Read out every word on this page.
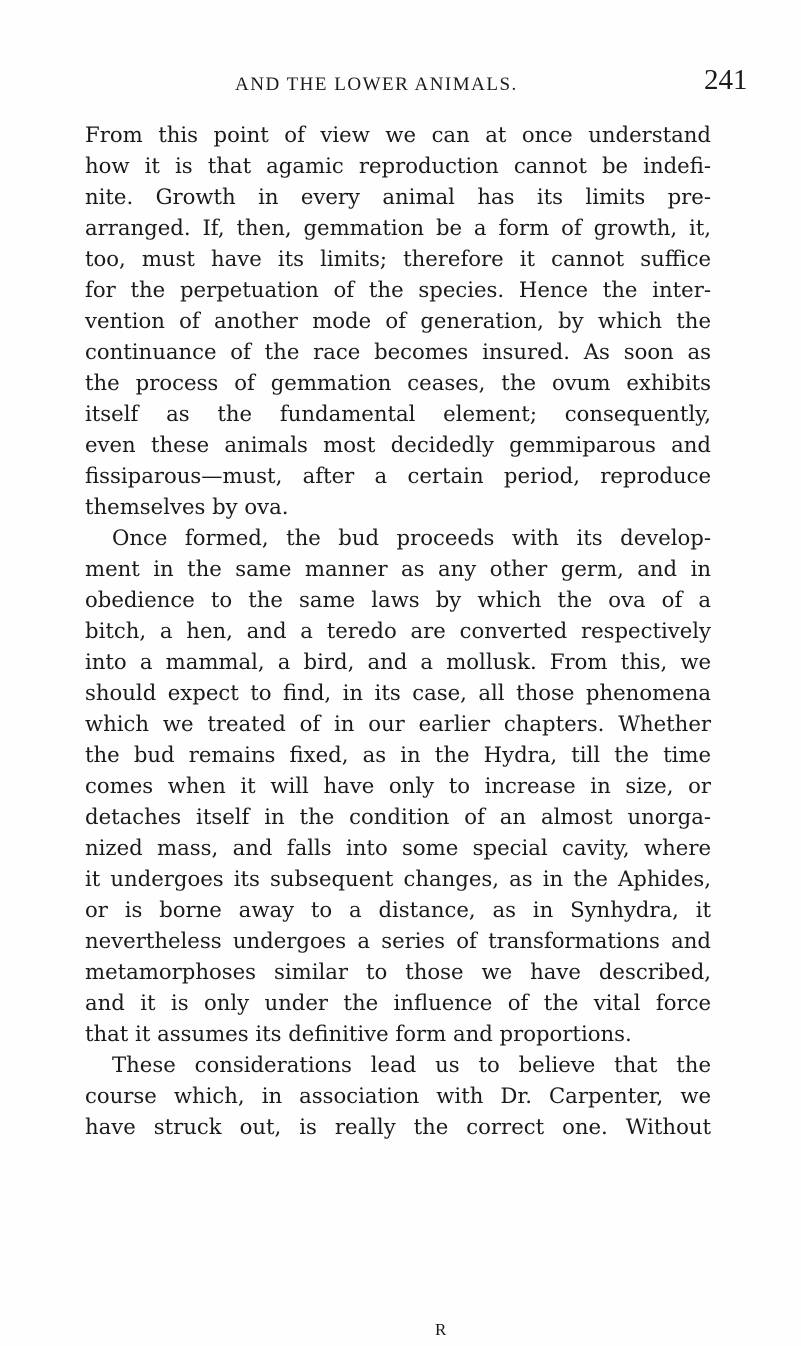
AND THE LOWER ANIMALS.	241
From this point of view we can at once understand
how it is that agamic reproduction cannot be indefi-
nite. Growth in every animal has its limits pre-
arranged. If, then, gemmation be a form of growth, it,
too, must have its limits; therefore it cannot suffice
for the perpetuation of the species. Hence the inter-
vention of another mode of generation, by which the
continuance of the race becomes insured. As soon as
the process of gemmation ceases, the ovum exhibits
itself as the fundamental element; consequently,
even these animals most decidedly gemmiparous and
fissiparous—must, after a certain period, reproduce
themselves by ova.
Once formed, the bud proceeds with its develop-
ment in the same manner as any other germ, and in
obedience to the same laws by which the ova of a
bitch, a hen, and a teredo are converted respectively
into a mammal, a bird, and a mollusk. From this, we
should expect to find, in its case, all those phenomena
which we treated of in our earlier chapters. Whether
the bud remains fixed, as in the Hydra, till the time
comes when it will have only to increase in size, or
detaches itself in the condition of an almost unorga-
nized mass, and falls into some special cavity, where
it undergoes its subsequent changes, as in the Aphides,
or is borne away to a distance, as in Synhydra, it
nevertheless undergoes a series of transformations and
metamorphoses similar to those we have described,
and it is only under the influence of the vital force
that it assumes its definitive form and proportions.
These considerations lead us to believe that the
course which, in association with Dr. Carpenter, we
have struck out, is really the correct one. Without
R
